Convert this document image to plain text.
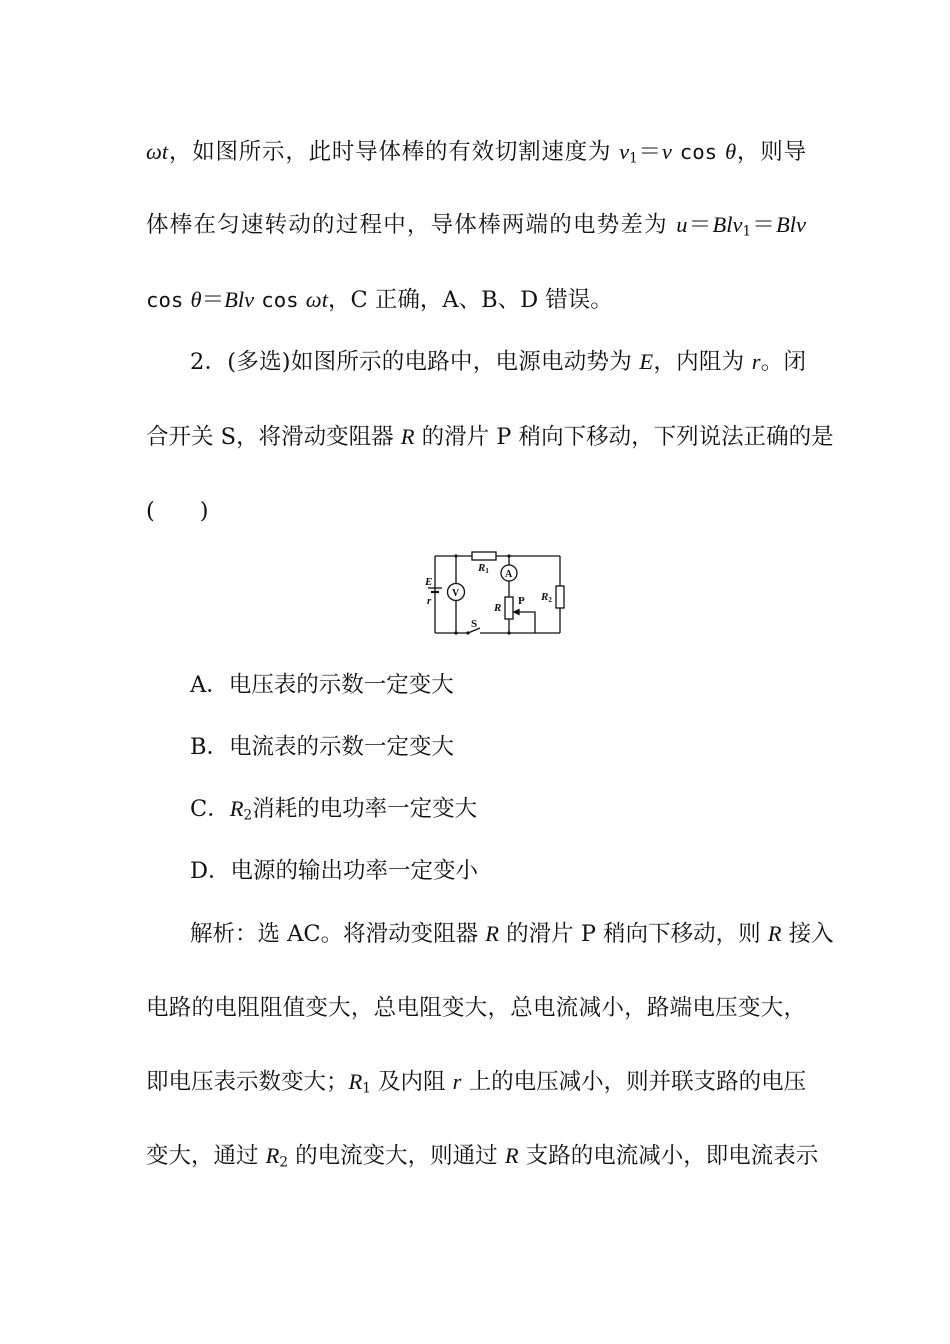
ωt，如图所示，此时导体棒的有效切割速度为 $v_1=v$ cos θ，则导
体棒在匀速转动的过程中，导体棒两端的电势差为 u＝Blv$_1$＝Blv
cos θ＝Blv cos ωt，C 正确，A、B、D 错误。
2．(多选)如图所示的电路中，电源电动势为 E，内阻为 r。闭
合开关 S，将滑动变阻器 R 的滑片 P 稍向下移动，下列说法正确的是
(　　)
R1 A
V
E
r
R
P R2
S
A．电压表的示数一定变大
B．电流表的示数一定变大
C．$R_2$消耗的电功率一定变大
D．电源的输出功率一定变小
解析：选 AC。将滑动变阻器 R 的滑片 P 稍向下移动，则 R 接入
电路的电阻阻值变大，总电阻变大，总电流减小，路端电压变大，
即电压表示数变大；$R_1$ 及内阻 r 上的电压减小，则并联支路的电压
变大，通过 $R_2$ 的电流变大，则通过 R 支路的电流减小，即电流表示
